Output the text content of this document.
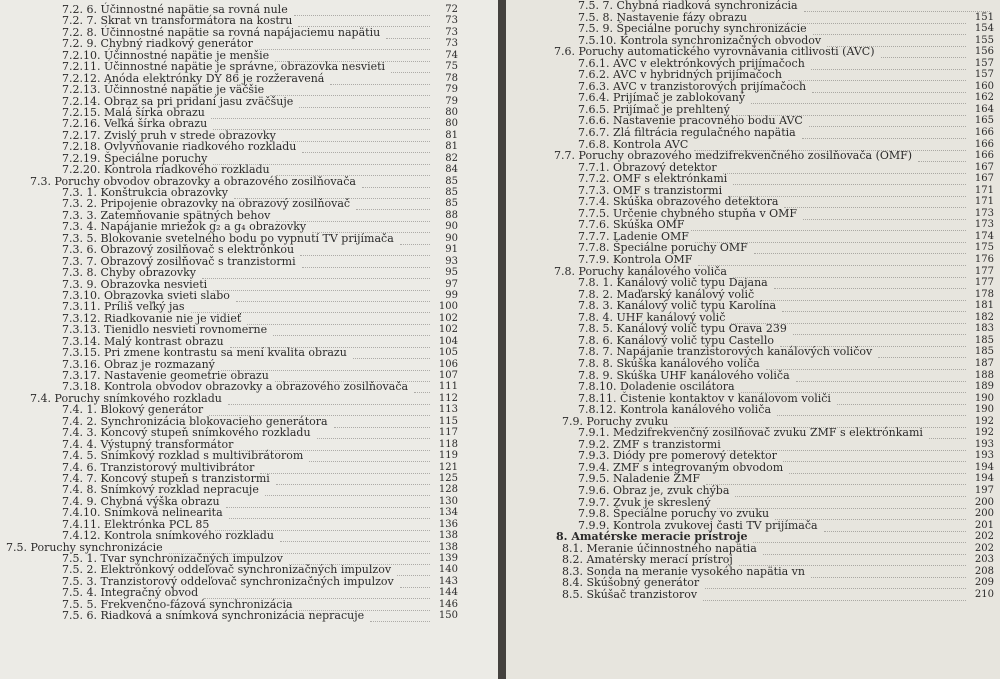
7.2. 6. Účinnostné napätie sa rovná nule	72
7.2. 7. Skrat vn transformátora na kostru	73
7.2. 8. Účinnostné napätie sa rovná napájaciemu napätiu	73
7.2. 9. Chybný riadkový generátor	73
7.2.10. Účinnostné napätie je menšie	74
7.2.11. Účinnostné napätie je správne, obrazovka nesvieti	75
7.2.12. Anóda elektrónky DY 86 je rozžeravená	78
7.2.13. Účinnostné napätie je väčšie	79
7.2.14. Obraz sa pri pridaní jasu zväčšuje	79
7.2.15. Malá šírka obrazu	80
7.2.16. Veľká šírka obrazu	80
7.2.17. Zvislý pruh v strede obrazovky	81
7.2.18. Ovlyvňovanie riadkového rozkladu	81
7.2.19. Špeciálne poruchy	82
7.2.20. Kontrola riadkového rozkladu	84
7.3. Poruchy obvodov obrazovky a obrazového zosilňovača	85
7.3. 1. Konštrukcia obrazovky	85
7.3. 2. Pripojenie obrazovky na obrazový zosilňovač	85
7.3. 3. Zatemňovanie spätných behov	88
7.3. 4. Napájanie mriežok g₂ a g₄ obrazovky	90
7.3. 5. Blokovanie svetelného bodu po vypnutí TV prijímača	90
7.3. 6. Obrazový zosilňovač s elektrónkou	91
7.3. 7. Obrazový zosilňovač s tranzistormi	93
7.3. 8. Chyby obrazovky	95
7.3. 9. Obrazovka nesvieti	97
7.3.10. Obrazovka svieti slabo	99
7.3.11. Príliš veľký jas	100
7.3.12. Riadkovanie nie je vidieť	102
7.3.13. Tienidlo nesvieti rovnomerne	102
7.3.14. Malý kontrast obrazu	104
7.3.15. Pri zmene kontrastu sa mení kvalita obrazu	105
7.3.16. Obraz je rozmazaný	106
7.3.17. Nastavenie geometrie obrazu	107
7.3.18. Kontrola obvodov obrazovky a obrazového zosilňovača	111
7.4. Poruchy snímkového rozkladu	112
7.4. 1. Blokový generátor	113
7.4. 2. Synchronizácia blokovacieho generátora	115
7.4. 3. Koncový stupeň snímkového rozkladu	117
7.4. 4. Výstupný transformátor	118
7.4. 5. Snímkový rozklad s multivibrátorom	119
7.4. 6. Tranzistorový multivibrátor	121
7.4. 7. Koncový stupeň s tranzistormi	125
7.4. 8. Snímkový rozklad nepracuje	128
7.4. 9. Chybná výška obrazu	130
7.4.10. Snímková nelinearita	134
7.4.11. Elektrónka PCL 85	136
7.4.12. Kontrola snímkového rozkladu	138
7.5. Poruchy synchronizácie	138
7.5. 1. Tvar synchronizačných impulzov	139
7.5. 2. Elektrónkový oddeľovač synchronizačných impulzov	140
7.5. 3. Tranzistorový oddeľovač synchronizačných impulzov	143
7.5. 4. Integračný obvod	144
7.5. 5. Frekvenčno-fázová synchronizácia	146
7.5. 6. Riadková a snímková synchronizácia nepracuje	150
7.5. 7. Chybná riadková synchronizácia
7.5. 8. Nastavenie fázy obrazu	151
7.5. 9. Špeciálne poruchy synchronizácie	154
7.5.10. Kontrola synchronizačných obvodov	155
7.6. Poruchy automatického vyrovnávania citlivosti (AVC)	156
7.6.1. AVC v elektrónkových prijímačoch	157
7.6.2. AVC v hybridných prijímačoch	157
7.6.3. AVC v tranzistorových prijímačoch	160
7.6.4. Prijímač je zablokovaný	162
7.6.5. Prijímač je prehltený	164
7.6.6. Nastavenie pracovného bodu AVC	165
7.6.7. Zlá filtrácia regulačného napätia	166
7.6.8. Kontrola AVC	166
7.7. Poruchy obrazového medzifrekvenčného zosilňovača (OMF)	166
7.7.1. Obrazový detektor	167
7.7.2. OMF s elektrónkami	167
7.7.3. OMF s tranzistormi	171
7.7.4. Skúška obrazového detektora	171
7.7.5. Určenie chybného stupňa v OMF	173
7.7.6. Skúška OMF	173
7.7.7. Ladenie OMF	174
7.7.8. Špeciálne poruchy OMF	175
7.7.9. Kontrola OMF	176
7.8. Poruchy kanálového voliča	177
7.8. 1. Kanálový volič typu Dajana	177
7.8. 2. Maďarský kanálový volič	178
7.8. 3. Kanálový volič typu Karolína	181
7.8. 4. UHF kanálový volič	182
7.8. 5. Kanálový volič typu Orava 239	183
7.8. 6. Kanálový volič typu Castello	185
7.8. 7. Napájanie tranzistorových kanálových voličov	185
7.8. 8. Skúška kanálového voliča	187
7.8. 9. Skúška UHF kanálového voliča	188
7.8.10. Doladenie oscilátora	189
7.8.11. Čistenie kontaktov v kanálovom voliči	190
7.8.12. Kontrola kanálového voliča	190
7.9. Poruchy zvuku	192
7.9.1. Medzifrekvenčný zosilňovač zvuku ZMF s elektrónkami	192
7.9.2. ZMF s tranzistormi	193
7.9.3. Diódy pre pomerový detektor	193
7.9.4. ZMF s integrovaným obvodom	194
7.9.5. Naladenie ZMF	194
7.9.6. Obraz je, zvuk chýba	197
7.9.7. Zvuk je skreslený	200
7.9.8. Špeciálne poruchy vo zvuku	200
7.9.9. Kontrola zvukovej časti TV prijímača	201
8. Amatérske meracie prístroje	202
8.1. Meranie účinnostného napätia	202
8.2. Amatérsky merací prístroj	203
8.3. Sonda na meranie vysokého napätia vn	208
8.4. Skúšobný generátor	209
8.5. Skúšač tranzistorov	210
